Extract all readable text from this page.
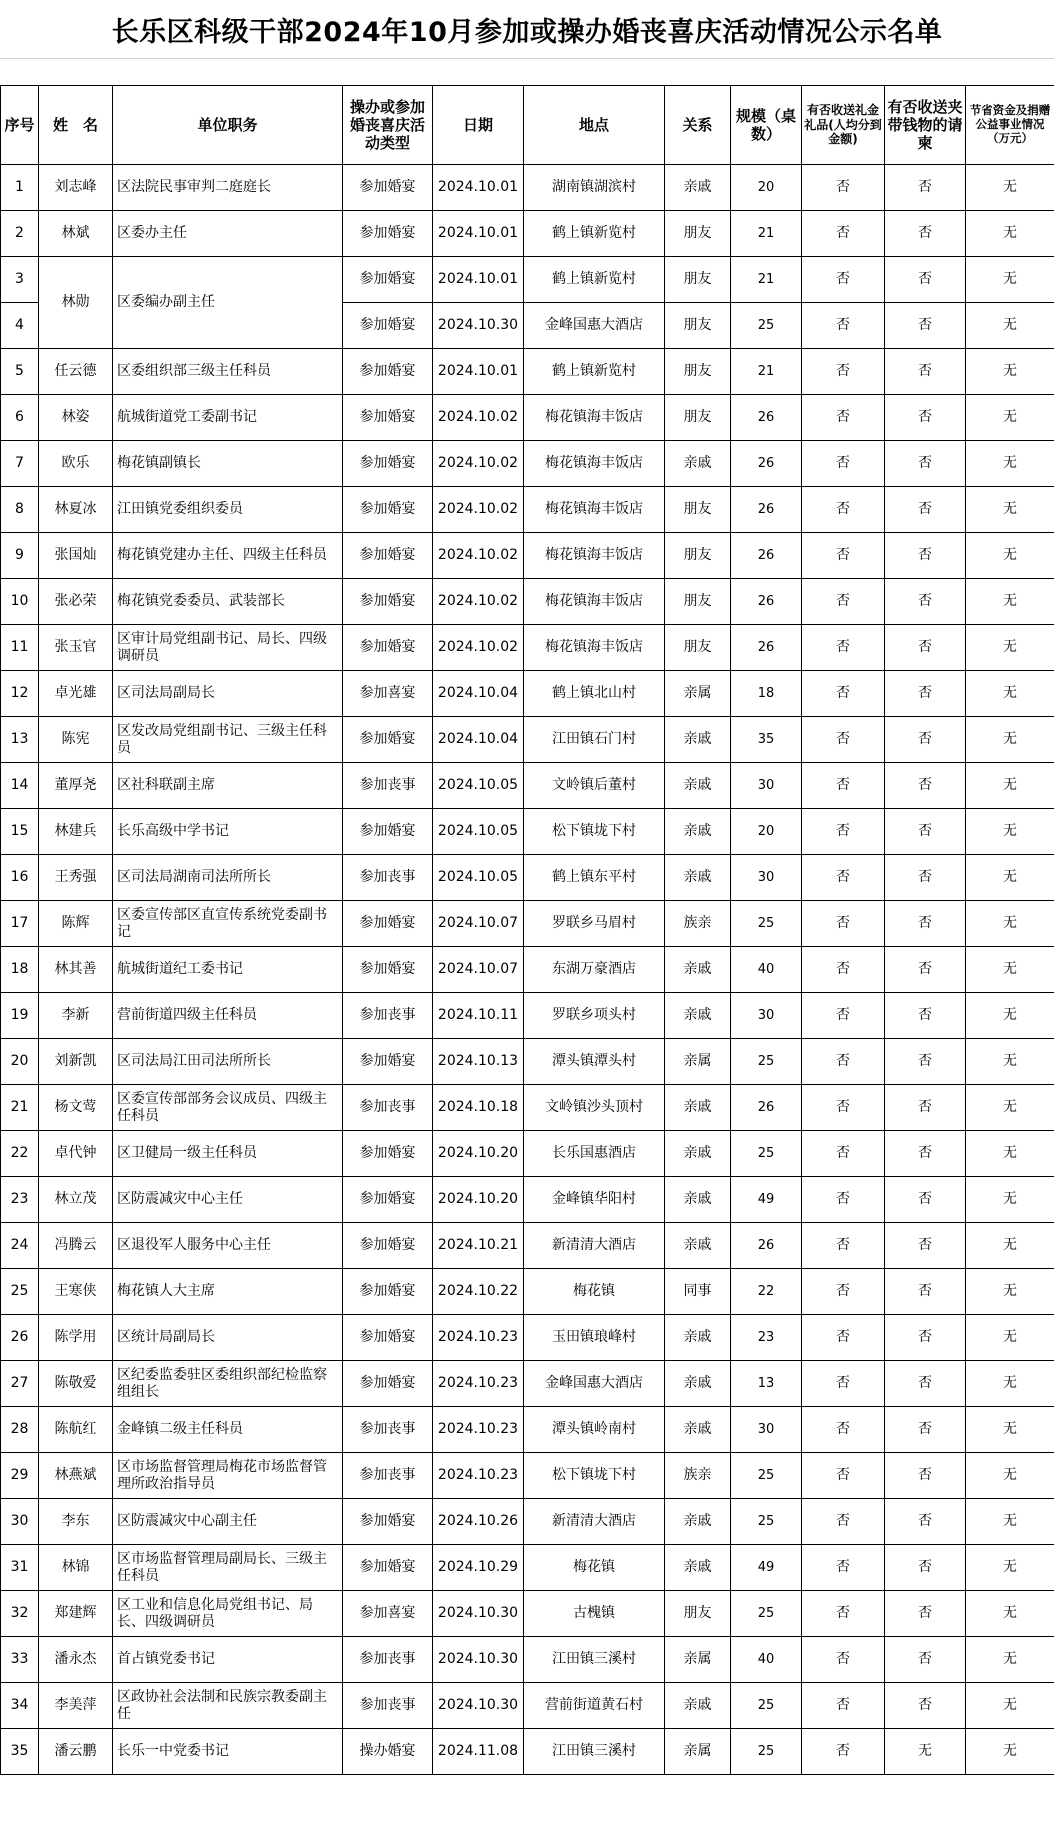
长乐区科级干部2024年10月参加或操办婚丧喜庆活动情况公示名单
序号	姓　名	单位职务	操办或参加婚丧喜庆活动类型	日期	地点	关系	规模（桌数）	有否收送礼金礼品(人均分到金额)	有否收送夹带钱物的请柬	节省资金及捐赠公益事业情况（万元）
1	刘志峰	区法院民事审判二庭庭长	参加婚宴	2024.10.01	湖南镇湖滨村	亲戚	20	否	否	无
2	林斌	区委办主任	参加婚宴	2024.10.01	鹤上镇新览村	朋友	21	否	否	无
3	林勋	区委编办副主任	参加婚宴	2024.10.01	鹤上镇新览村	朋友	21	否	否	无
4			参加婚宴	2024.10.30	金峰国惠大酒店	朋友	25	否	否	无
5	任云德	区委组织部三级主任科员	参加婚宴	2024.10.01	鹤上镇新览村	朋友	21	否	否	无
6	林姿	航城街道党工委副书记	参加婚宴	2024.10.02	梅花镇海丰饭店	朋友	26	否	否	无
7	欧乐	梅花镇副镇长	参加婚宴	2024.10.02	梅花镇海丰饭店	亲戚	26	否	否	无
8	林夏冰	江田镇党委组织委员	参加婚宴	2024.10.02	梅花镇海丰饭店	朋友	26	否	否	无
9	张国灿	梅花镇党建办主任、四级主任科员	参加婚宴	2024.10.02	梅花镇海丰饭店	朋友	26	否	否	无
10	张必荣	梅花镇党委委员、武装部长	参加婚宴	2024.10.02	梅花镇海丰饭店	朋友	26	否	否	无
11	张玉官	区审计局党组副书记、局长、四级调研员	参加婚宴	2024.10.02	梅花镇海丰饭店	朋友	26	否	否	无
12	卓光雄	区司法局副局长	参加喜宴	2024.10.04	鹤上镇北山村	亲属	18	否	否	无
13	陈宪	区发改局党组副书记、三级主任科员	参加婚宴	2024.10.04	江田镇石门村	亲戚	35	否	否	无
14	董厚尧	区社科联副主席	参加丧事	2024.10.05	文岭镇后董村	亲戚	30	否	否	无
15	林建兵	长乐高级中学书记	参加婚宴	2024.10.05	松下镇垅下村	亲戚	20	否	否	无
16	王秀强	区司法局湖南司法所所长	参加丧事	2024.10.05	鹤上镇东平村	亲戚	30	否	否	无
17	陈辉	区委宣传部区直宣传系统党委副书记	参加婚宴	2024.10.07	罗联乡马眉村	族亲	25	否	否	无
18	林其善	航城街道纪工委书记	参加婚宴	2024.10.07	东湖万豪酒店	亲戚	40	否	否	无
19	李新	营前街道四级主任科员	参加丧事	2024.10.11	罗联乡项头村	亲戚	30	否	否	无
20	刘新凯	区司法局江田司法所所长	参加婚宴	2024.10.13	潭头镇潭头村	亲属	25	否	否	无
21	杨文莺	区委宣传部部务会议成员、四级主任科员	参加丧事	2024.10.18	文岭镇沙头顶村	亲戚	26	否	否	无
22	卓代钟	区卫健局一级主任科员	参加婚宴	2024.10.20	长乐国惠酒店	亲戚	25	否	否	无
23	林立茂	区防震减灾中心主任	参加婚宴	2024.10.20	金峰镇华阳村	亲戚	49	否	否	无
24	冯腾云	区退役军人服务中心主任	参加婚宴	2024.10.21	新清清大酒店	亲戚	26	否	否	无
25	王寒侠	梅花镇人大主席	参加婚宴	2024.10.22	梅花镇	同事	22	否	否	无
26	陈学用	区统计局副局长	参加婚宴	2024.10.23	玉田镇琅峰村	亲戚	23	否	否	无
27	陈敬爱	区纪委监委驻区委组织部纪检监察组组长	参加婚宴	2024.10.23	金峰国惠大酒店	亲戚	13	否	否	无
28	陈航红	金峰镇二级主任科员	参加丧事	2024.10.23	潭头镇岭南村	亲戚	30	否	否	无
29	林燕斌	区市场监督管理局梅花市场监督管理所政治指导员	参加丧事	2024.10.23	松下镇垅下村	族亲	25	否	否	无
30	李东	区防震减灾中心副主任	参加婚宴	2024.10.26	新清清大酒店	亲戚	25	否	否	无
31	林锦	区市场监督管理局副局长、三级主任科员	参加婚宴	2024.10.29	梅花镇	亲戚	49	否	否	无
32	郑建辉	区工业和信息化局党组书记、局长、四级调研员	参加喜宴	2024.10.30	古槐镇	朋友	25	否	否	无
33	潘永杰	首占镇党委书记	参加丧事	2024.10.30	江田镇三溪村	亲属	40	否	否	无
34	李美萍	区政协社会法制和民族宗教委副主任	参加丧事	2024.10.30	营前街道黄石村	亲戚	25	否	否	无
35	潘云鹏	长乐一中党委书记	操办婚宴	2024.11.08	江田镇三溪村	亲属	25	否	无	无
